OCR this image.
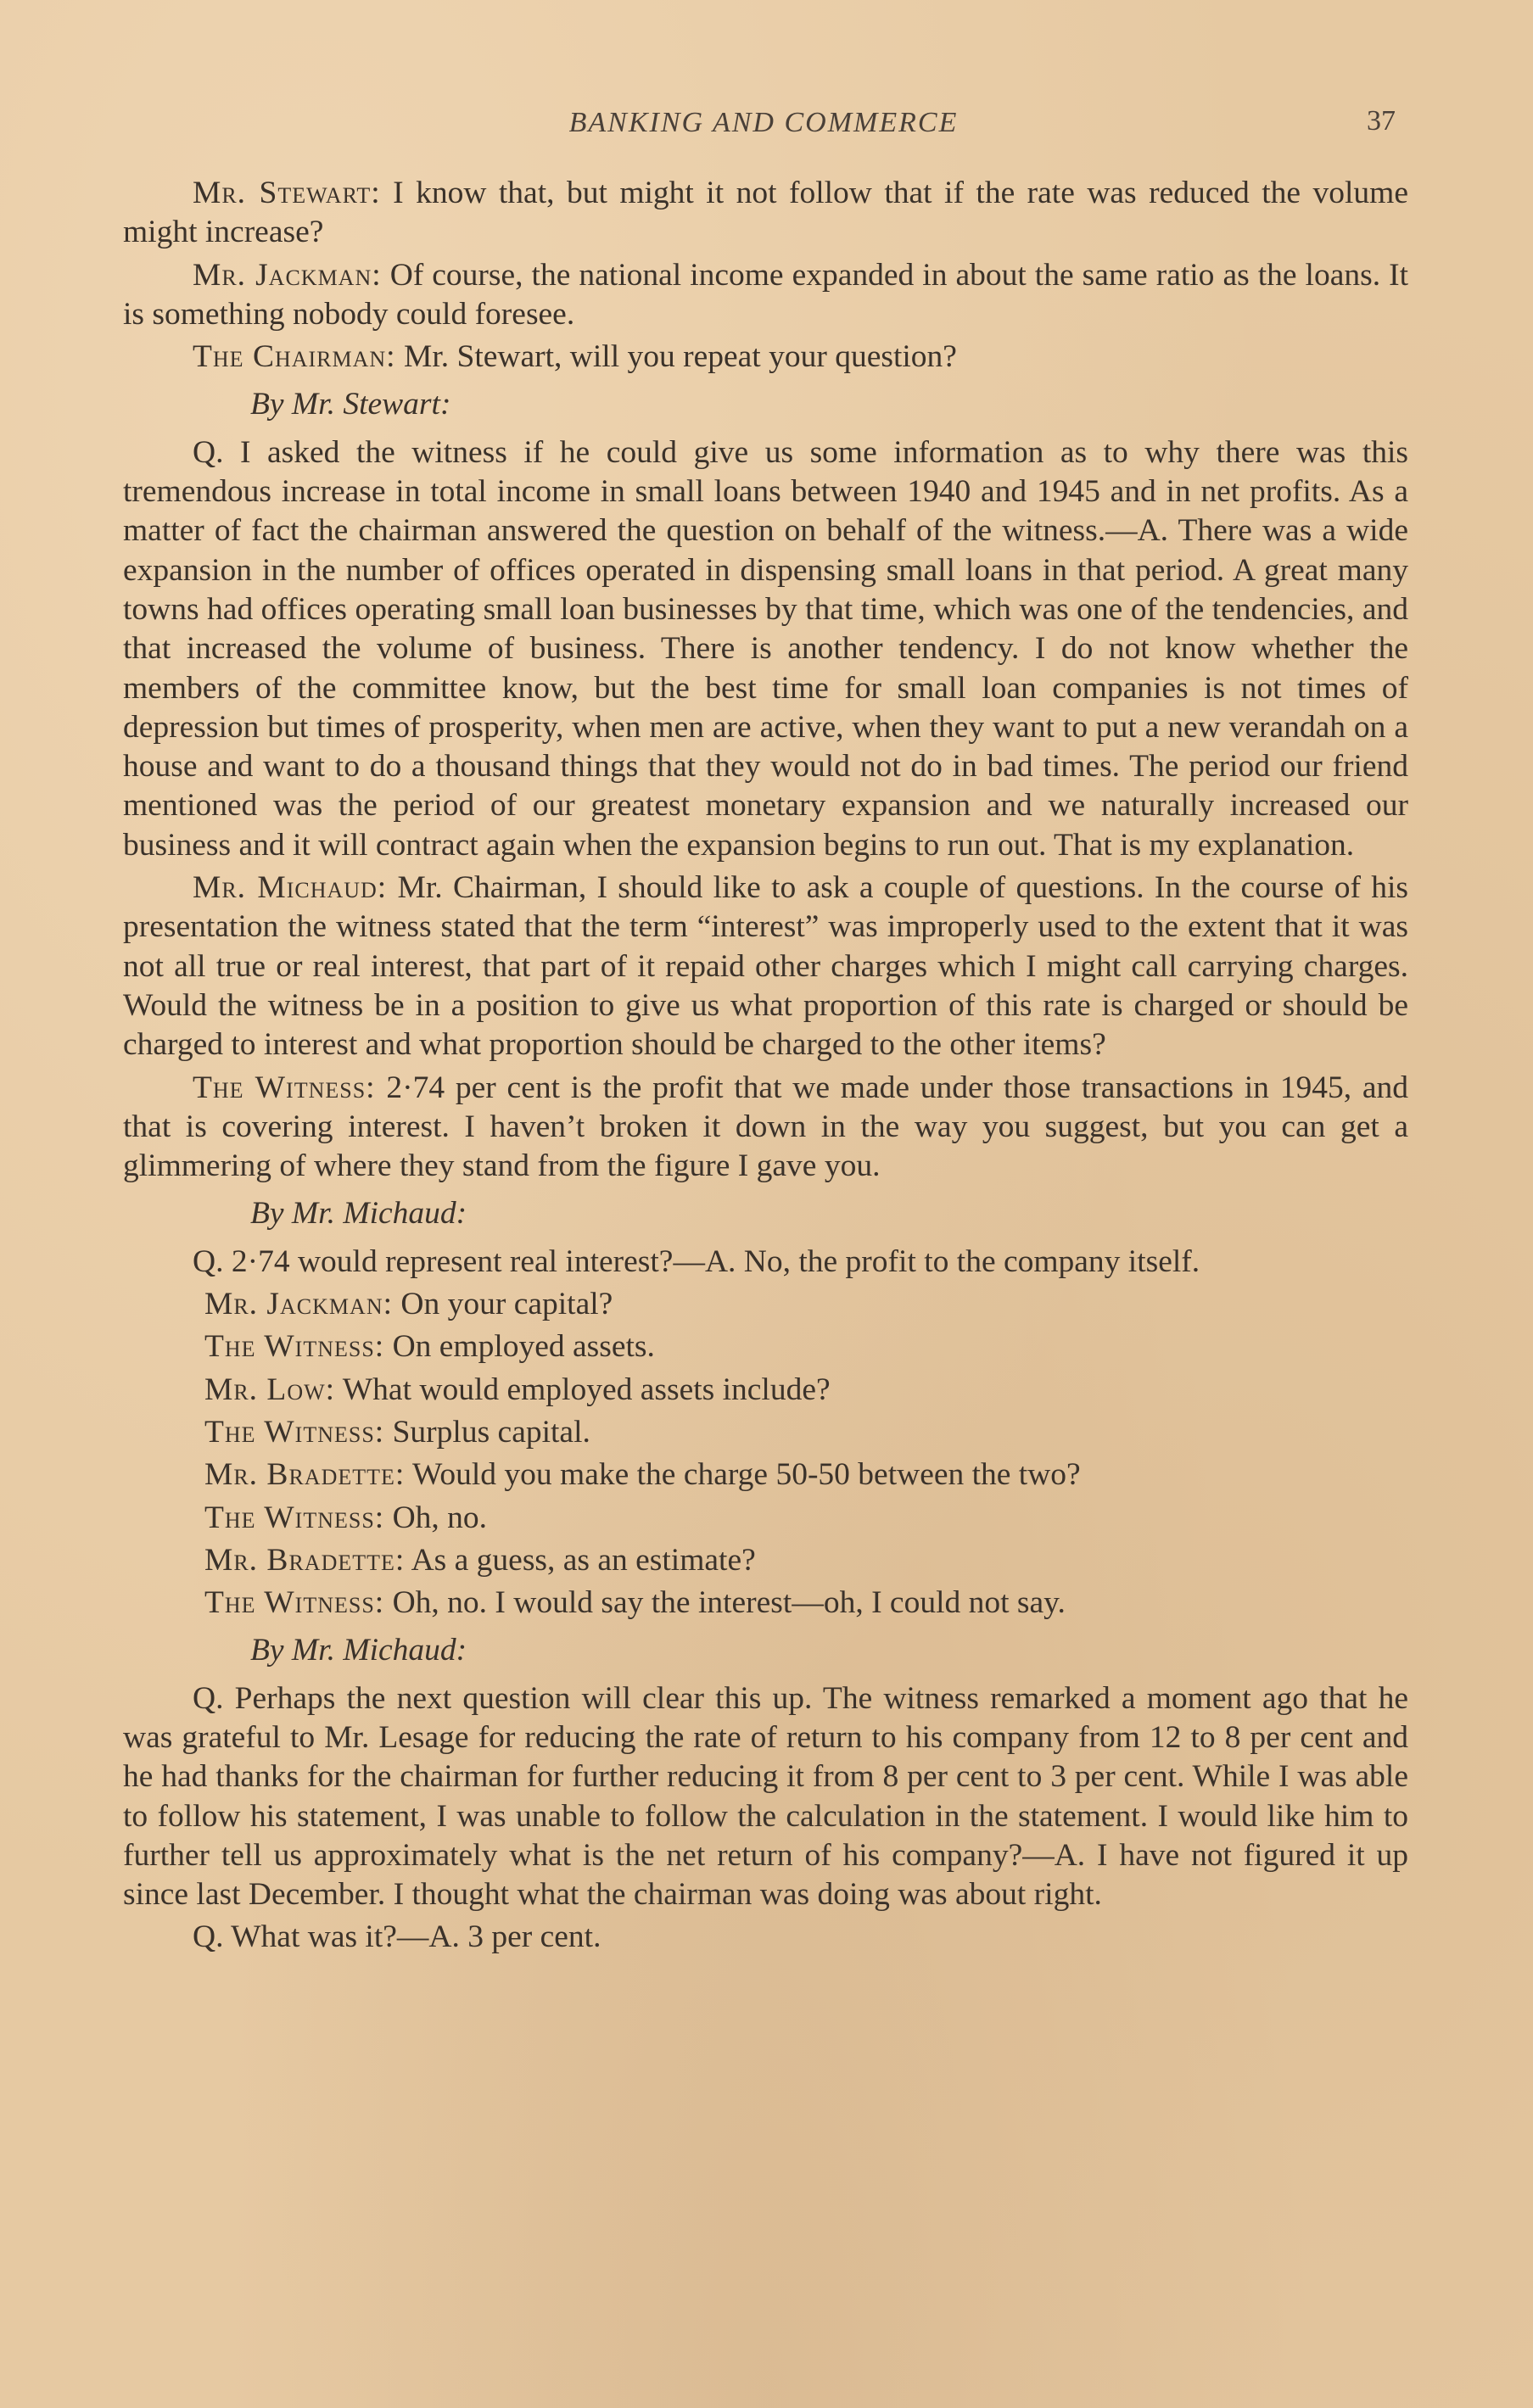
BANKING AND COMMERCE	37

Mr. Stewart: I know that, but might it not follow that if the rate was reduced the volume might increase?

Mr. Jackman: Of course, the national income expanded in about the same ratio as the loans. It is something nobody could foresee.

The Chairman: Mr. Stewart, will you repeat your question?

By Mr. Stewart:

Q. I asked the witness if he could give us some information as to why there was this tremendous increase in total income in small loans between 1940 and 1945 and in net profits. As a matter of fact the chairman answered the question on behalf of the witness.—A. There was a wide expansion in the number of offices operated in dispensing small loans in that period. A great many towns had offices operating small loan businesses by that time, which was one of the tendencies, and that increased the volume of business. There is another tendency. I do not know whether the members of the committee know, but the best time for small loan companies is not times of depression but times of prosperity, when men are active, when they want to put a new verandah on a house and want to do a thousand things that they would not do in bad times. The period our friend mentioned was the period of our greatest monetary expansion and we naturally increased our business and it will contract again when the expansion begins to run out. That is my explanation.

Mr. Michaud: Mr. Chairman, I should like to ask a couple of questions. In the course of his presentation the witness stated that the term “interest” was improperly used to the extent that it was not all true or real interest, that part of it repaid other charges which I might call carrying charges. Would the witness be in a position to give us what proportion of this rate is charged or should be charged to interest and what proportion should be charged to the other items?

The Witness: 2·74 per cent is the profit that we made under those transactions in 1945, and that is covering interest. I haven’t broken it down in the way you suggest, but you can get a glimmering of where they stand from the figure I gave you.

By Mr. Michaud:

Q. 2·74 would represent real interest?—A. No, the profit to the company itself.

Mr. Jackman: On your capital?

The Witness: On employed assets.

Mr. Low: What would employed assets include?

The Witness: Surplus capital.

Mr. Bradette: Would you make the charge 50-50 between the two?

The Witness: Oh, no.

Mr. Bradette: As a guess, as an estimate?

The Witness: Oh, no. I would say the interest—oh, I could not say.

By Mr. Michaud:

Q. Perhaps the next question will clear this up. The witness remarked a moment ago that he was grateful to Mr. Lesage for reducing the rate of return to his company from 12 to 8 per cent and he had thanks for the chairman for further reducing it from 8 per cent to 3 per cent. While I was able to follow his statement, I was unable to follow the calculation in the statement. I would like him to further tell us approximately what is the net return of his company?—A. I have not figured it up since last December. I thought what the chairman was doing was about right.

Q. What was it?—A. 3 per cent.
